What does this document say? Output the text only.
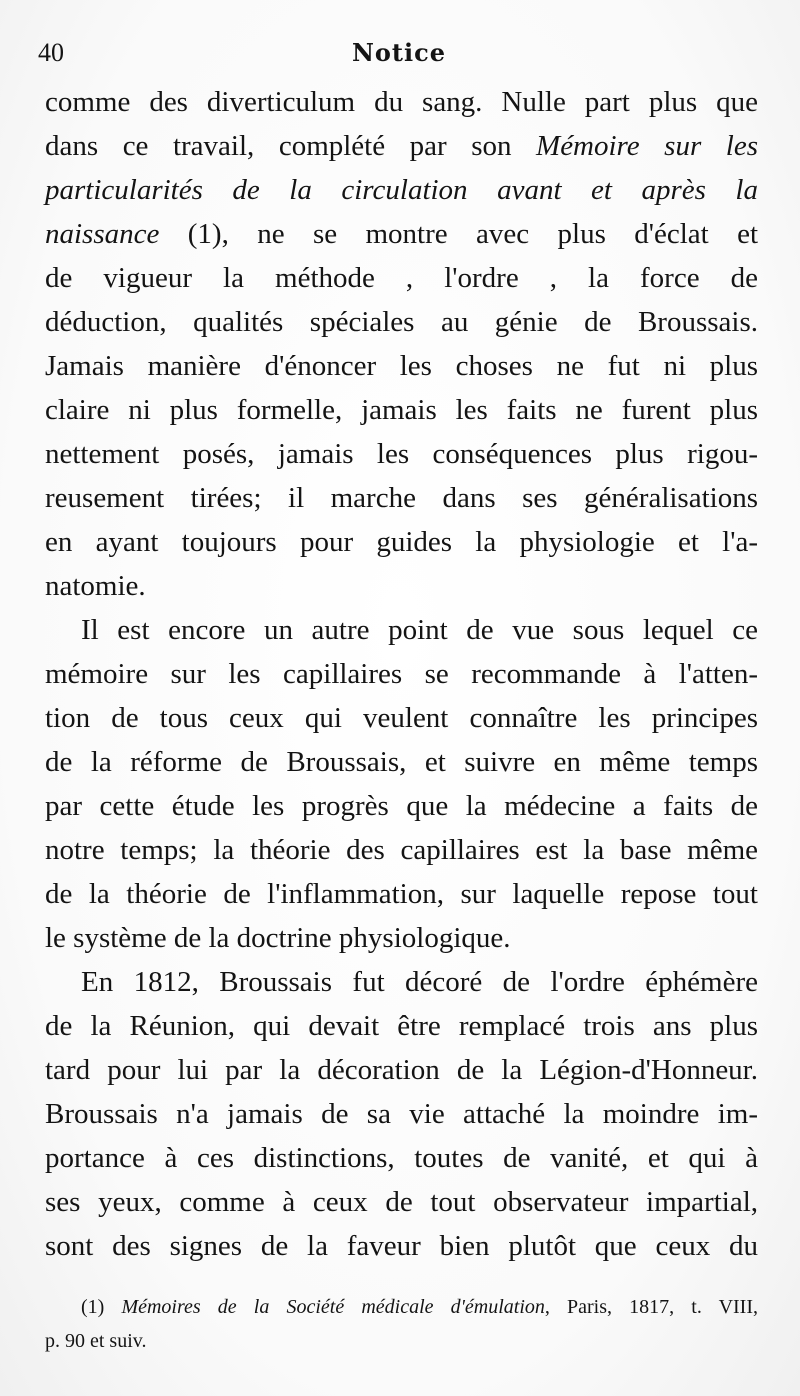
40	Notice
comme des diverticulum du sang. Nulle part plus que
dans ce travail, complété par son Mémoire sur les
particularités de la circulation avant et après la
naissance (1), ne se montre avec plus d'éclat et
de vigueur la méthode , l'ordre , la force de
déduction, qualités spéciales au génie de Broussais.
Jamais manière d'énoncer les choses ne fut ni plus
claire ni plus formelle, jamais les faits ne furent plus
nettement posés, jamais les conséquences plus rigou-
reusement tirées; il marche dans ses généralisations
en ayant toujours pour guides la physiologie et l'a-
natomie.
Il est encore un autre point de vue sous lequel ce
mémoire sur les capillaires se recommande à l'atten-
tion de tous ceux qui veulent connaître les principes
de la réforme de Broussais, et suivre en même temps
par cette étude les progrès que la médecine a faits de
notre temps; la théorie des capillaires est la base même
de la théorie de l'inflammation, sur laquelle repose tout
le système de la doctrine physiologique.
En 1812, Broussais fut décoré de l'ordre éphémère
de la Réunion, qui devait être remplacé trois ans plus
tard pour lui par la décoration de la Légion-d'Honneur.
Broussais n'a jamais de sa vie attaché la moindre im-
portance à ces distinctions, toutes de vanité, et qui à
ses yeux, comme à ceux de tout observateur impartial,
sont des signes de la faveur bien plutôt que ceux du
(1) Mémoires de la Société médicale d'émulation, Paris, 1817, t. VIII,
p. 90 et suiv.
